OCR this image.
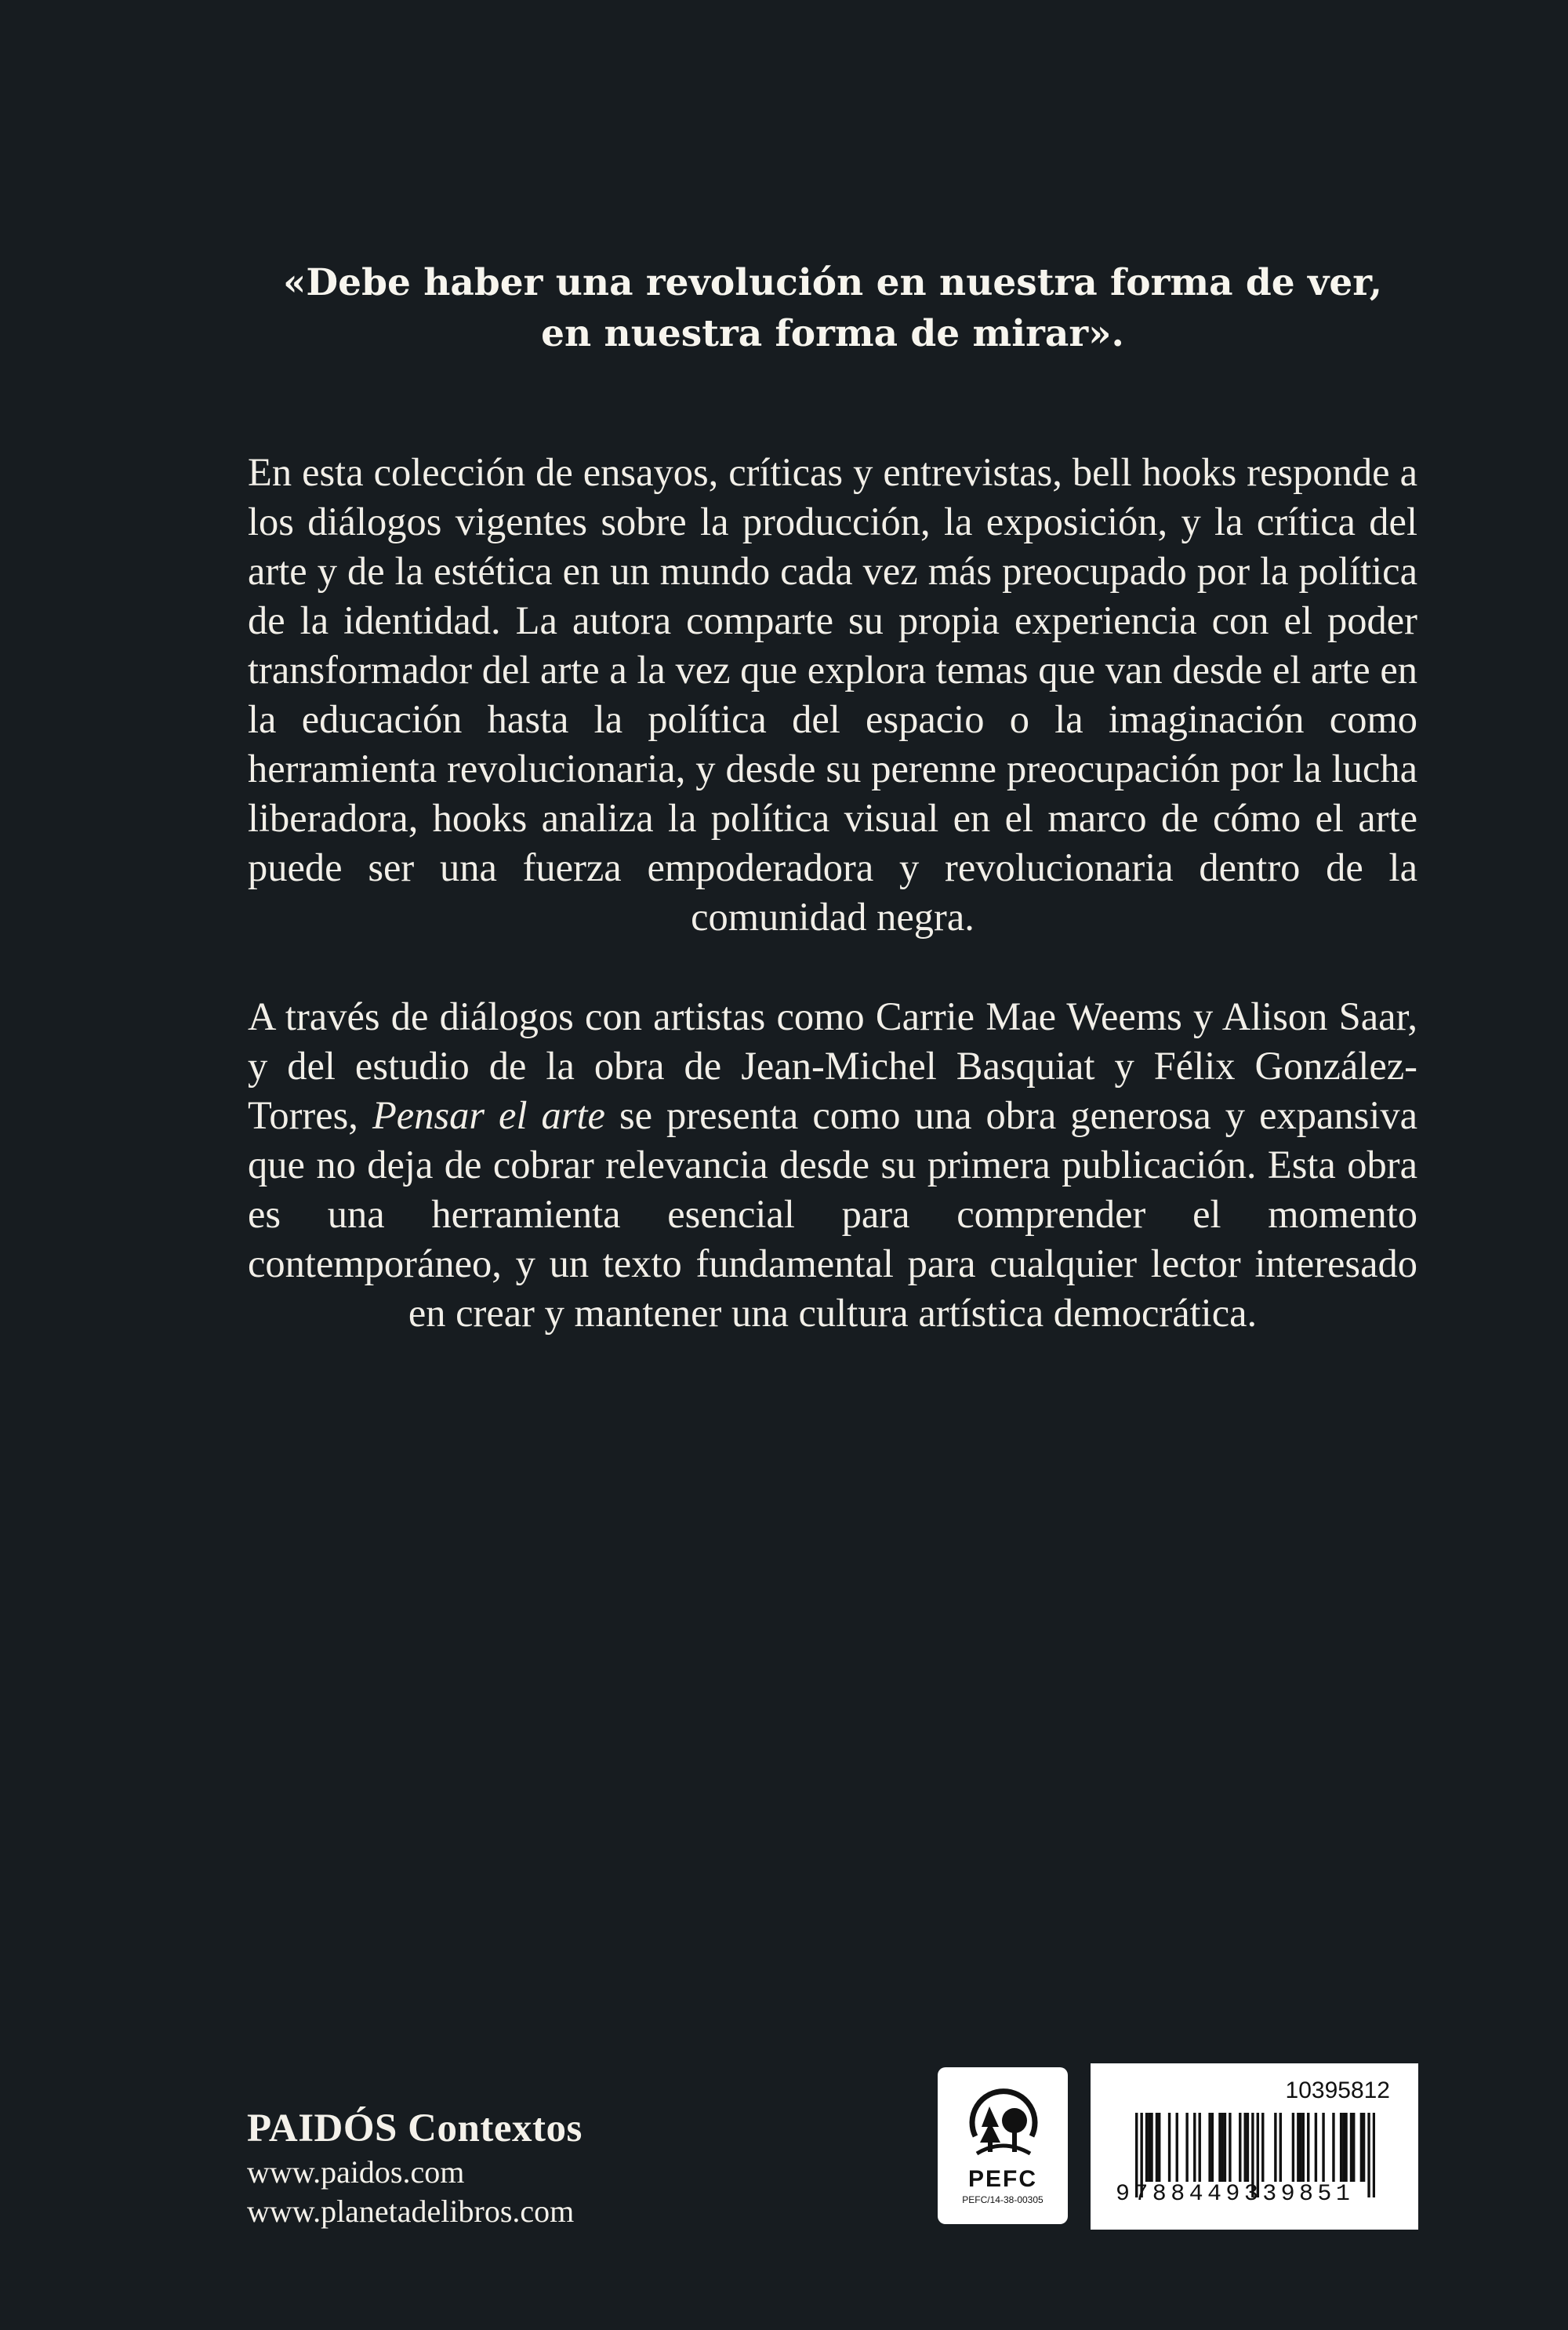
«Debe haber una revolución en nuestra forma de ver,
en nuestra forma de mirar».

En esta colección de ensayos, críticas y entrevistas, bell hooks responde a los diálogos vigentes sobre la producción, la exposición, y la crítica del arte y de la estética en un mundo cada vez más preocupado por la política de la identidad. La autora comparte su propia experiencia con el poder transformador del arte a la vez que explora temas que van desde el arte en la educación hasta la política del espacio o la imaginación como herramienta revolucionaria, y desde su perenne preocupación por la lucha liberadora, hooks analiza la política visual en el marco de cómo el arte puede ser una fuerza empoderadora y revolucionaria dentro de la comunidad negra.

A través de diálogos con artistas como Carrie Mae Weems y Alison Saar, y del estudio de la obra de Jean-Michel Basquiat y Félix González-Torres, Pensar el arte se presenta como una obra generosa y expansiva que no deja de cobrar relevancia desde su primera publicación. Esta obra es una herramienta esencial para comprender el momento contemporáneo, y un texto fundamental para cualquier lector interesado en crear y mantener una cultura artística democrática.

PAIDÓS Contextos
www.paidos.com
www.planetadelibros.com
PEFC
PEFC/14-38-00305
10395812
9788449339851
